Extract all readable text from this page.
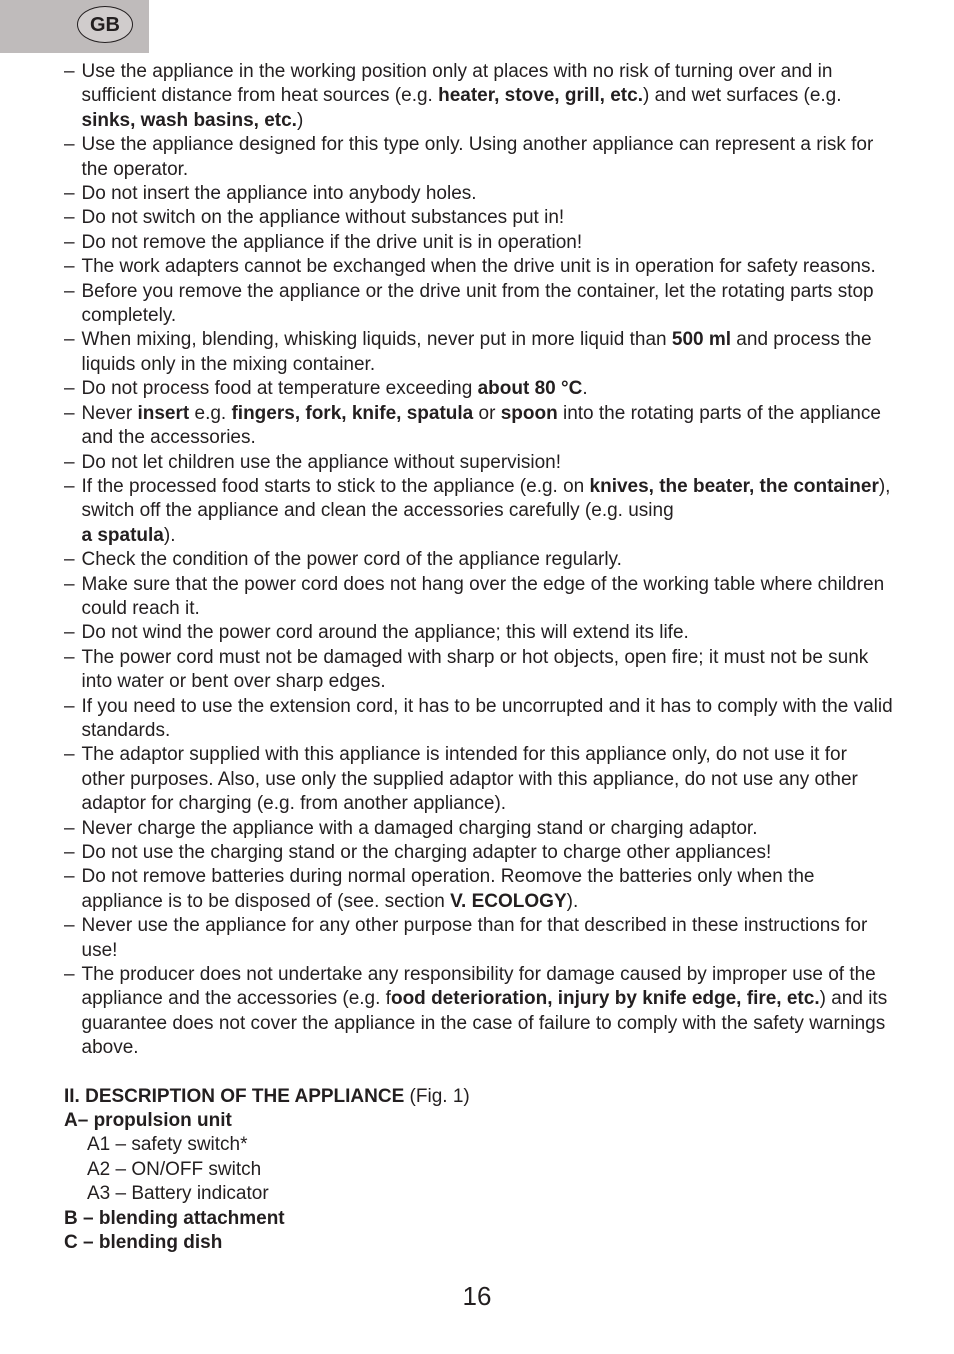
GB
– Use the appliance in the working position only at places with no risk of turning over and in sufficient distance from heat sources (e.g. heater, stove, grill, etc.) and wet surfaces (e.g. sinks, wash basins, etc.)
– Use the appliance designed for this type only. Using another appliance can represent a risk for the operator.
– Do not insert the appliance into anybody holes.
– Do not switch on the appliance without substances put in!
– Do not remove the appliance if the drive unit is in operation!
– The work adapters cannot be exchanged when the drive unit is in operation for safety reasons.
– Before you remove the appliance or the drive unit from the container, let the rotating parts stop completely.
– When mixing, blending, whisking liquids, never put in more liquid than 500 ml and process the liquids only in the mixing container.
– Do not process food at temperature exceeding about 80 °C.
– Never insert e.g. fingers, fork, knife, spatula or spoon into the rotating parts of the appliance and the accessories.
– Do not let children use the appliance without supervision!
– If the processed food starts to stick to the appliance (e.g. on knives, the beater, the container), switch off the appliance and clean the accessories carefully (e.g. using
a spatula).
– Check the condition of the power cord of the appliance regularly.
– Make sure that the power cord does not hang over the edge of the working table where children could reach it.
– Do not wind the power cord around the appliance; this will extend its life.
– The power cord must not be damaged with sharp or hot objects, open fire; it must not be sunk into water or bent over sharp edges.
– If you need to use the extension cord, it has to be uncorrupted and it has to comply with the valid standards.
– The adaptor supplied with this appliance is intended for this appliance only, do not use it for other purposes. Also, use only the supplied adaptor with this appliance, do not use any other adaptor for charging (e.g. from another appliance).
– Never charge the appliance with a damaged charging stand or charging adaptor.
– Do not use the charging stand or the charging adapter to charge other appliances!
– Do not remove batteries during normal operation. Reomove the batteries only when the appliance is to be disposed of (see. section V. ECOLOGY).
– Never use the appliance for any other purpose than for that described in these instructions for use!
– The producer does not undertake any responsibility for damage caused by improper use of the appliance and the accessories (e.g. food deterioration, injury by knife edge, fire, etc.) and its guarantee does not cover the appliance in the case of failure to comply with the safety warnings above.
II. DESCRIPTION OF THE APPLIANCE (Fig. 1)
A– propulsion unit
A1 – safety switch*
A2 – ON/OFF switch
A3 – Battery indicator
B – blending attachment
C – blending dish
16
